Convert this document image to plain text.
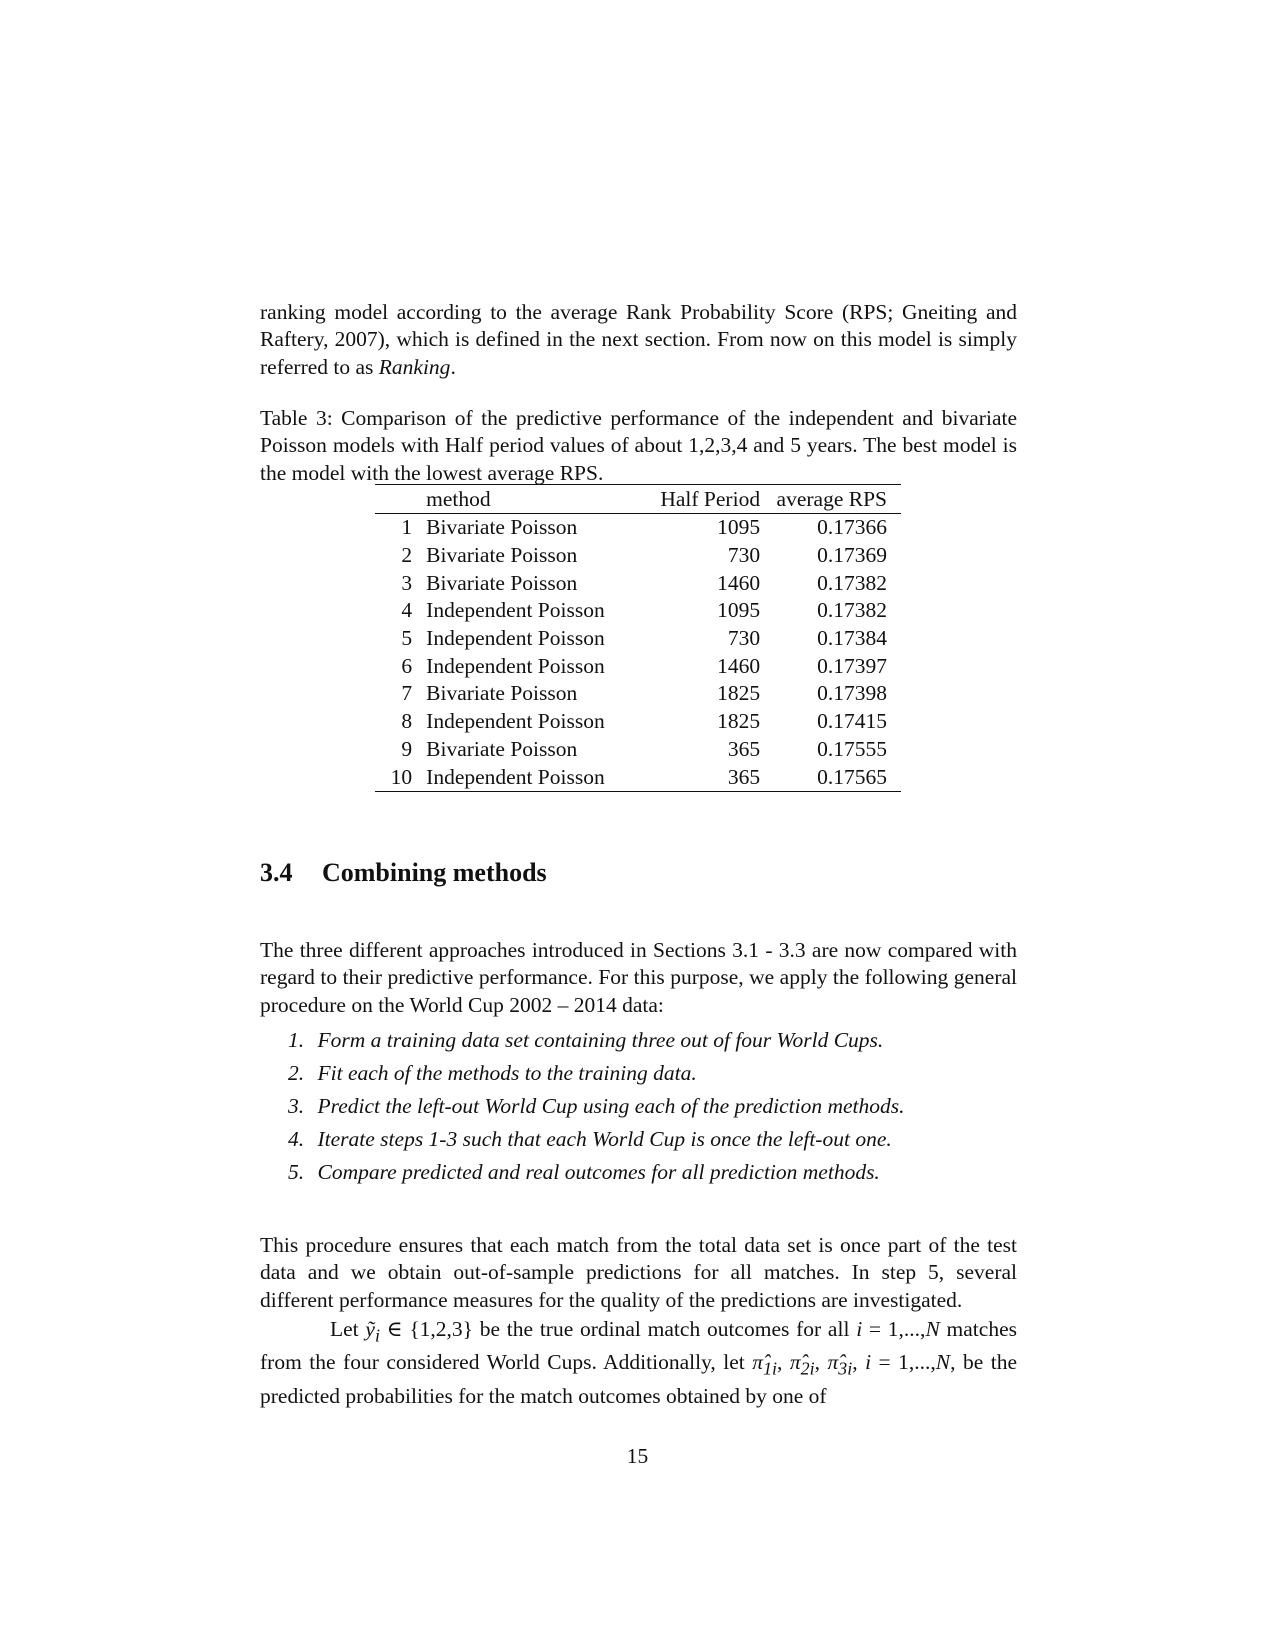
ranking model according to the average Rank Probability Score (RPS; Gneiting and Raftery, 2007), which is defined in the next section. From now on this model is simply referred to as Ranking.

Table 3: Comparison of the predictive performance of the independent and bivariate Poisson models with Half period values of about 1,2,3,4 and 5 years. The best model is the model with the lowest average RPS.

	method	Half Period	average RPS
1	Bivariate Poisson	1095	0.17366
2	Bivariate Poisson	730	0.17369
3	Bivariate Poisson	1460	0.17382
4	Independent Poisson	1095	0.17382
5	Independent Poisson	730	0.17384
6	Independent Poisson	1460	0.17397
7	Bivariate Poisson	1825	0.17398
8	Independent Poisson	1825	0.17415
9	Bivariate Poisson	365	0.17555
10	Independent Poisson	365	0.17565
3.4 Combining methods

The three different approaches introduced in Sections 3.1 - 3.3 are now compared with regard to their predictive performance. For this purpose, we apply the following general procedure on the World Cup 2002 – 2014 data:

1. Form a training data set containing three out of four World Cups.
2. Fit each of the methods to the training data.
3. Predict the left-out World Cup using each of the prediction methods.
4. Iterate steps 1-3 such that each World Cup is once the left-out one.
5. Compare predicted and real outcomes for all prediction methods.

This procedure ensures that each match from the total data set is once part of the test data and we obtain out-of-sample predictions for all matches. In step 5, several different performance measures for the quality of the predictions are investigated.

Let ỹ$_i$ ∈ {1,2,3} be the true ordinal match outcomes for all i = 1,...,N matches from the four considered World Cups. Additionally, let $\pî_{1i}$, $\pî_{2i}$, $\pî_{3i}$, i = 1,...,N, be the predicted probabilities for the match outcomes obtained by one of

15
